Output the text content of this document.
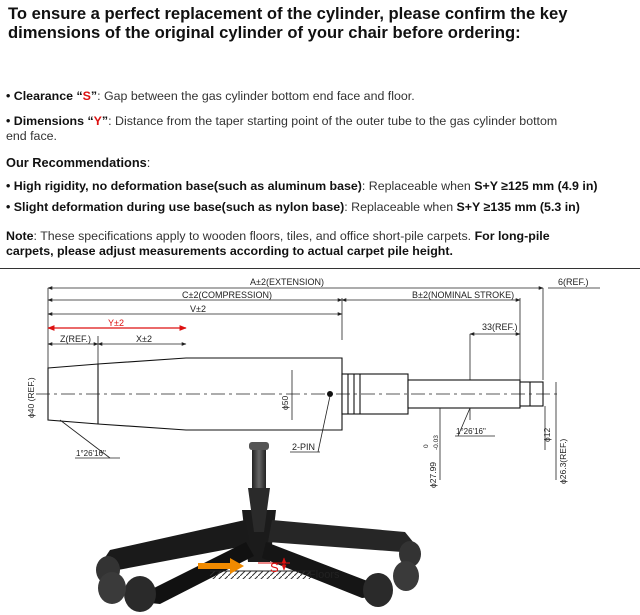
To ensure a perfect replacement of the cylinder, please confirm the key
dimensions of the original cylinder of your chair before ordering:
• Clearance “S”: Gap between the gas cylinder bottom end face and floor.
• Dimensions “Y”: Distance from the taper starting point of the outer tube to the gas cylinder bottom
end face.
Our Recommendations:
• High rigidity, no deformation base(such as aluminum base): Replaceable when S+Y ≥125 mm (4.9 in)
• Slight deformation during use base(such as nylon base): Replaceable when S+Y ≥135 mm (5.3 in)
Note: These specifications apply to wooden floors, tiles, and office short-pile carpets. For long-pile
carpets, please adjust measurements according to actual carpet pile height.
A±2(EXTENSION)	6(REF.)
C±2(COMPRESSION)	B±2(NOMINAL STROKE)
V±2
33(REF.)
Y±2
Z(REF.)	X±2
2-PIN
1°26'16"
1°26'16"
ϕ40 (REF.)	ϕ50
ϕ12
ϕ26.3(REF.)
ϕ27.99
0 -0.03
S	Floors
